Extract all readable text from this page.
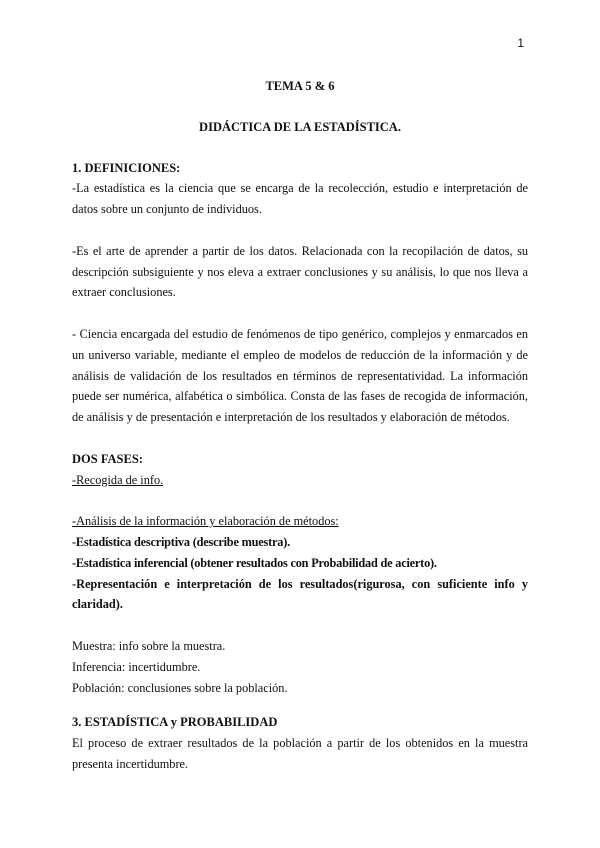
1
TEMA 5 & 6
DIDÁCTICA DE LA ESTADÍSTICA.
1. DEFINICIONES:

-La estadística es la ciencia que se encarga de la recolección, estudio e interpretación de datos sobre un conjunto de individuos.

-Es el arte de aprender a partir de los datos. Relacionada con la recopilación de datos, su descripción subsiguiente y nos eleva a extraer conclusiones y su análisis, lo que nos lleva a extraer conclusiones.

- Ciencia encargada del estudio de fenómenos de tipo genérico, complejos y enmarcados en un universo variable, mediante el empleo de modelos de reducción de la información y de análisis de validación de los resultados en términos de representatividad. La información puede ser numérica, alfabética o simbólica. Consta de las fases de recogida de información, de análisis y de presentación e interpretación de los resultados y elaboración de métodos.

DOS FASES:

-Recogida de info.

-Análisis de la información y elaboración de métodos:

-Estadística descriptiva (describe muestra).

-Estadística inferencial (obtener resultados con Probabilidad de acierto).

-Representación e interpretación de los resultados(rigurosa, con suficiente info y claridad).

Muestra: info sobre la muestra.

Inferencia: incertidumbre.

Población: conclusiones sobre la población.

3. ESTADÍSTICA y PROBABILIDAD

El proceso de extraer resultados de la población a partir de los obtenidos en la muestra presenta incertidumbre.
